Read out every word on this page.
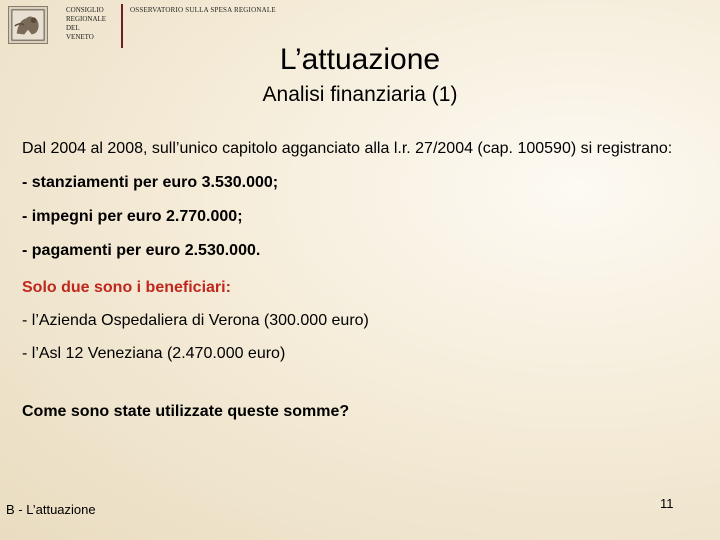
CONSIGLIO
REGIONALE
DEL
VENETO
OSSERVATORIO SULLA SPESA REGIONALE
L’attuazione
Analisi finanziaria (1)

Dal 2004 al 2008, sull’unico capitolo agganciato alla l.r. 27/2004 (cap. 100590) si registrano:

- stanziamenti per euro 3.530.000;

- impegni per euro 2.770.000;

- pagamenti per euro 2.530.000.

Solo due sono i beneficiari:

- l’Azienda Ospedaliera di Verona (300.000 euro)

- l’Asl 12 Veneziana (2.470.000 euro)

Come sono state utilizzate queste somme?

B - L’attuazione	11
